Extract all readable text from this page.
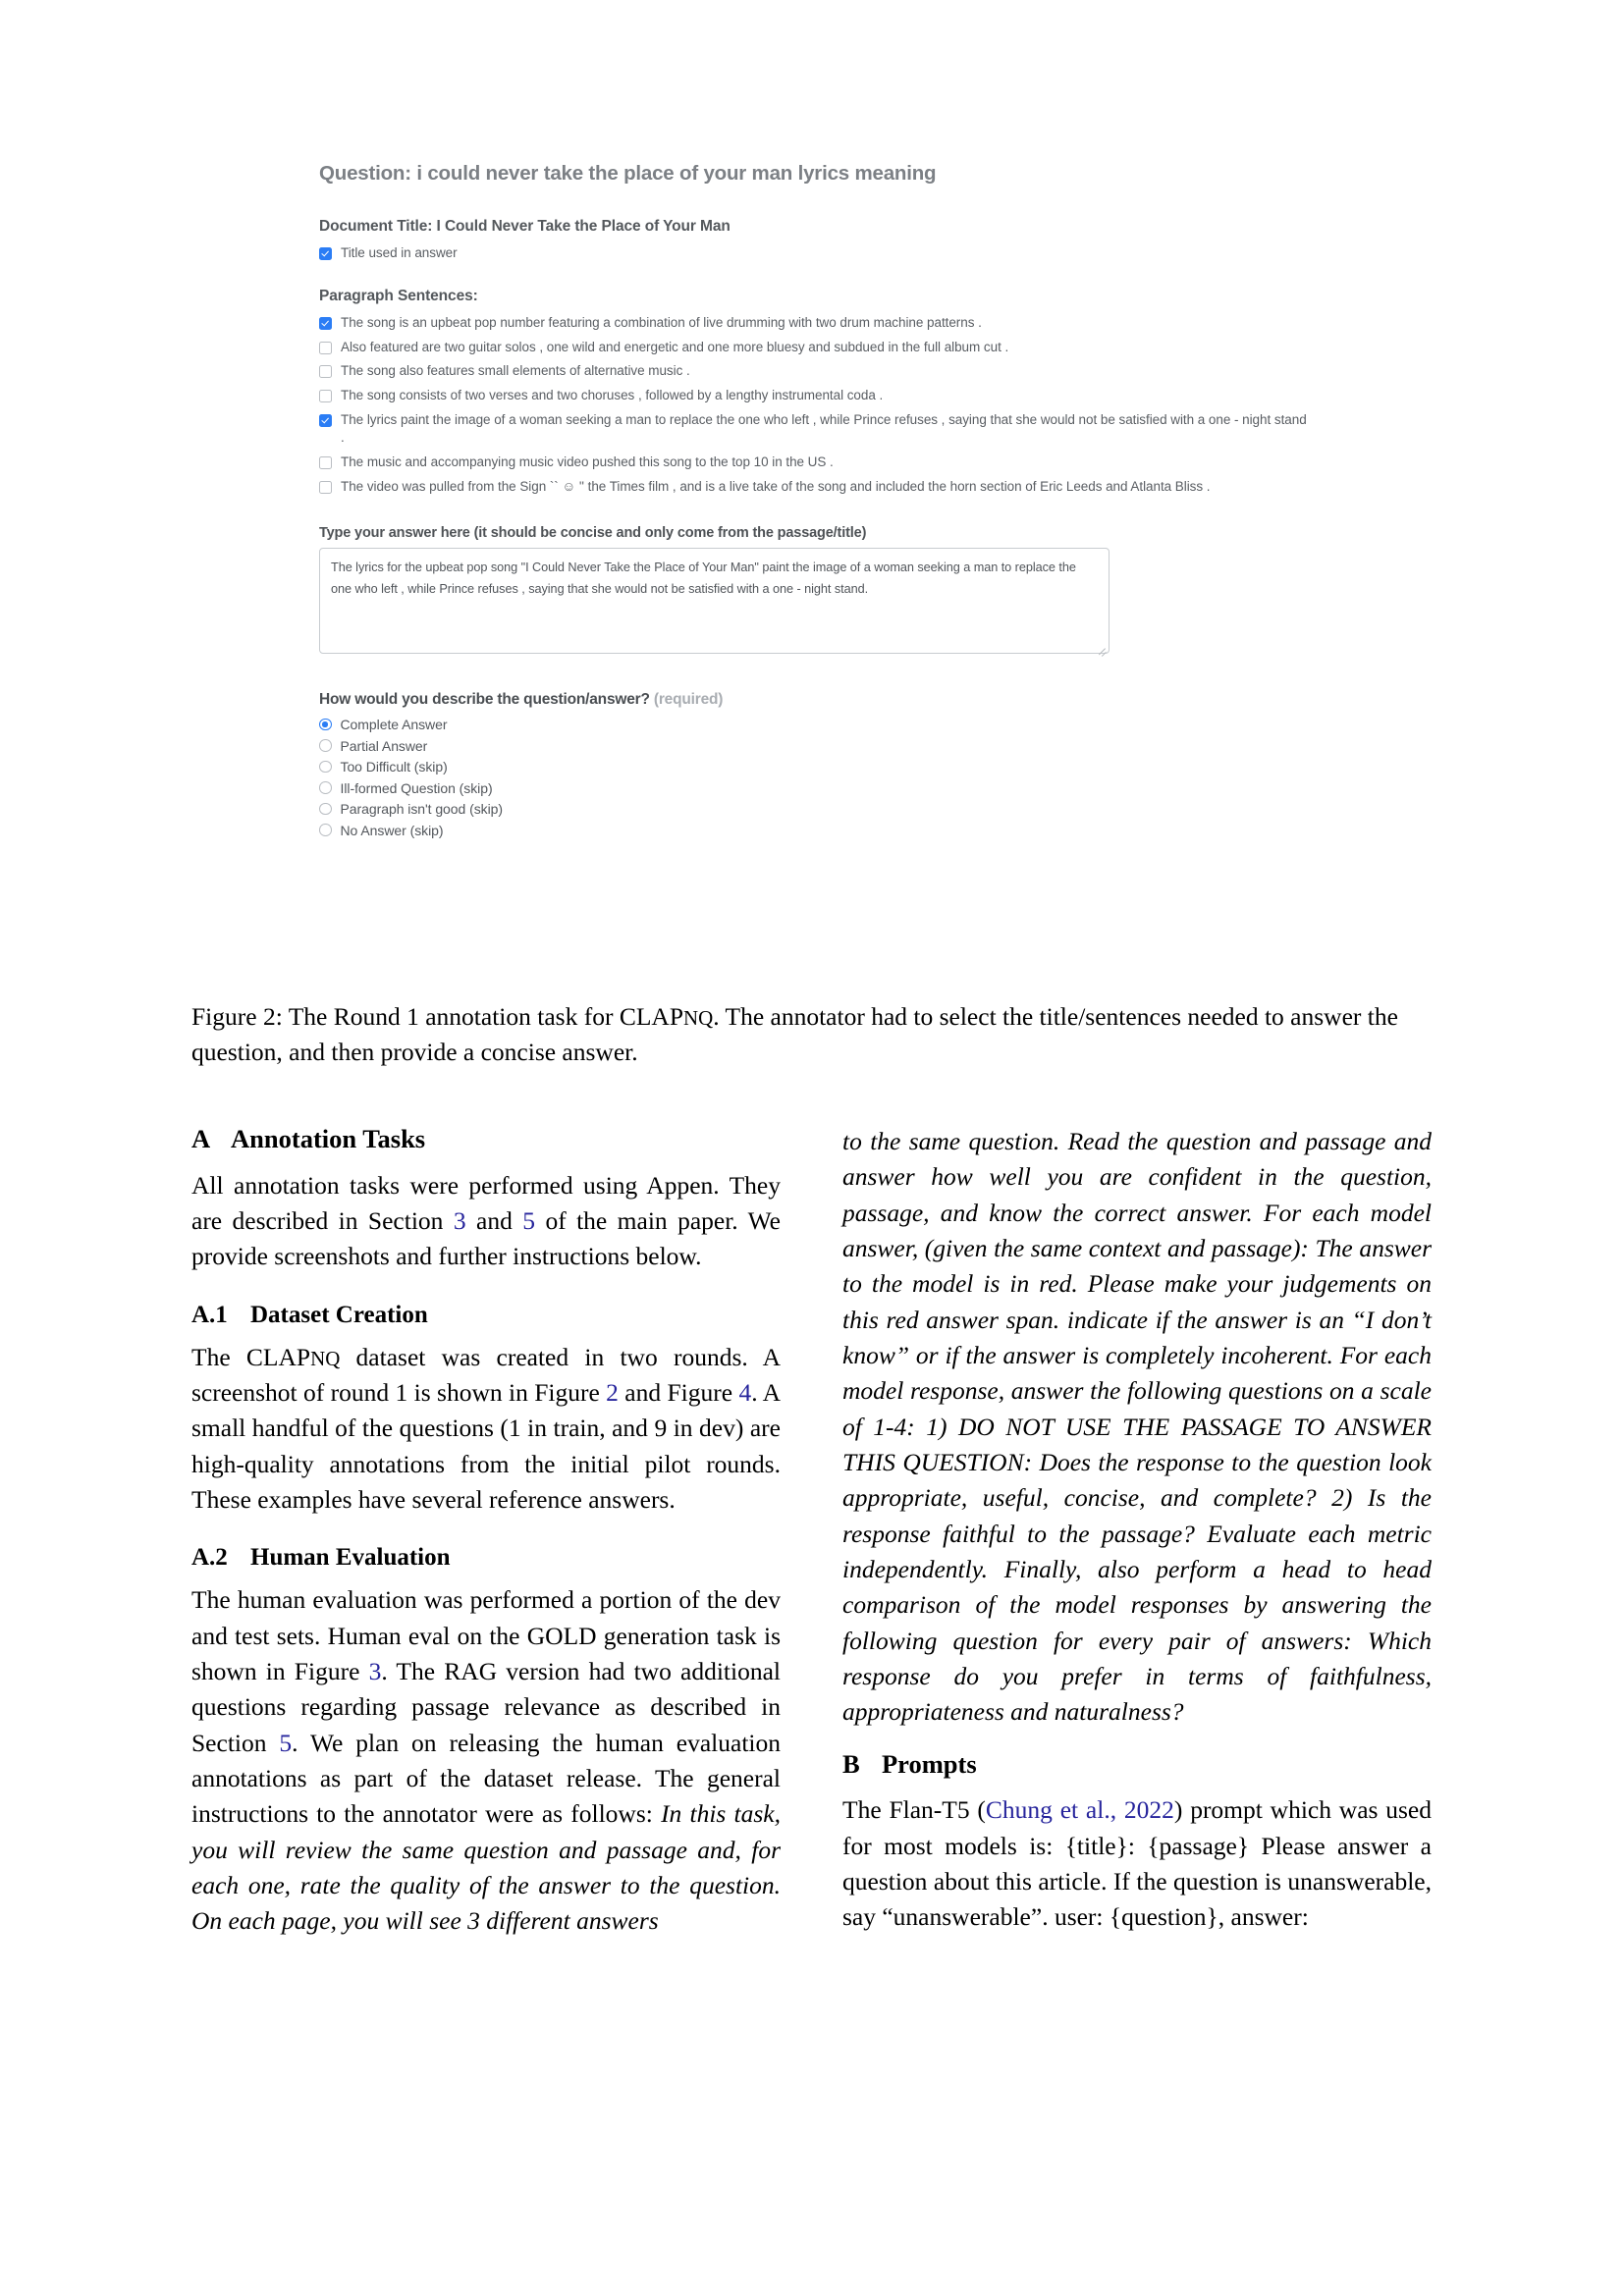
Question: i could never take the place of your man lyrics meaning
Document Title: I Could Never Take the Place of Your Man
Title used in answer
Paragraph Sentences:
The song is an upbeat pop number featuring a combination of live drumming with two drum machine patterns .
Also featured are two guitar solos , one wild and energetic and one more bluesy and subdued in the full album cut .
The song also features small elements of alternative music .
The song consists of two verses and two choruses , followed by a lengthy instrumental coda .
The lyrics paint the image of a woman seeking a man to replace the one who left , while Prince refuses , saying that she would not be satisfied with a one - night stand .
The music and accompanying music video pushed this song to the top 10 in the US .
The video was pulled from the Sign `` ☺ '' the Times film , and is a live take of the song and included the horn section of Eric Leeds and Atlanta Bliss .
Type your answer here (it should be concise and only come from the passage/title)
The lyrics for the upbeat pop song "I Could Never Take the Place of Your Man" paint the image of a woman seeking a man to replace the one who left , while Prince refuses , saying that she would not be satisfied with a one - night stand.
How would you describe the question/answer? (required)
Complete Answer
Partial Answer
Too Difficult (skip)
Ill-formed Question (skip)
Paragraph isn't good (skip)
No Answer (skip)
Figure 2: The Round 1 annotation task for CLAPNQ. The annotator had to select the title/sentences needed to answer the question, and then provide a concise answer.
A Annotation Tasks

All annotation tasks were performed using Appen. They are described in Section 3 and 5 of the main paper. We provide screenshots and further instructions below.

A.1 Dataset Creation

The CLAPNQ dataset was created in two rounds. A screenshot of round 1 is shown in Figure 2 and Figure 4. A small handful of the questions (1 in train, and 9 in dev) are high-quality annotations from the initial pilot rounds. These examples have several reference answers.

A.2 Human Evaluation

The human evaluation was performed a portion of the dev and test sets. Human eval on the GOLD generation task is shown in Figure 3. The RAG version had two additional questions regarding passage relevance as described in Section 5. We plan on releasing the human evaluation annotations as part of the dataset release. The general instructions to the annotator were as follows: In this task, you will review the same question and passage and, for each one, rate the quality of the answer to the question. On each page, you will see 3 different answers

to the same question. Read the question and passage and answer how well you are confident in the question, passage, and know the correct answer. For each model answer, (given the same context and passage): The answer to the model is in red. Please make your judgements on this red answer span. indicate if the answer is an “I don’t know” or if the answer is completely incoherent. For each model response, answer the following questions on a scale of 1-4: 1) DO NOT USE THE PASSAGE TO ANSWER THIS QUESTION: Does the response to the question look appropriate, useful, concise, and complete? 2) Is the response faithful to the passage? Evaluate each metric independently. Finally, also perform a head to head comparison of the model responses by answering the following question for every pair of answers: Which response do you prefer in terms of faithfulness, appropriateness and naturalness?

B Prompts

The Flan-T5 (Chung et al., 2022) prompt which was used for most models is: {title}: {passage} Please answer a question about this article. If the question is unanswerable, say “unanswerable”. user: {question}, answer:
